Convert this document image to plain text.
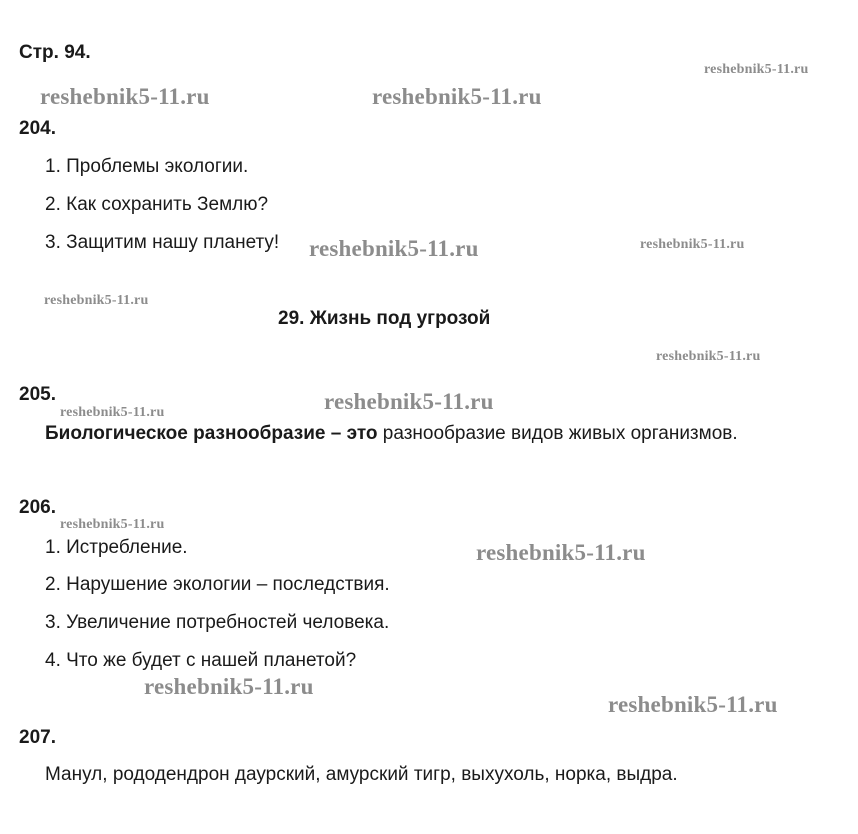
Стр. 94.
204.
1. Проблемы экологии.
2. Как сохранить Землю?
3. Защитим нашу планету!
29. Жизнь под угрозой
205.
Биологическое разнообразие – это разнообразие видов живых организмов.
206.
1. Истребление.
2. Нарушение экологии – последствия.
3. Увеличение потребностей человека.
4. Что же будет с нашей планетой?
207.
Манул, рододендрон даурский, амурский тигр, выхухоль, норка, выдра.
reshebnik5-11.ru
reshebnik5-11.ru	reshebnik5-11.ru
reshebnik5-11.ru	reshebnik5-11.ru
reshebnik5-11.ru
reshebnik5-11.ru
reshebnik5-11.ru
reshebnik5-11.ru
reshebnik5-11.ru
reshebnik5-11.ru
reshebnik5-11.ru
reshebnik5-11.ru
